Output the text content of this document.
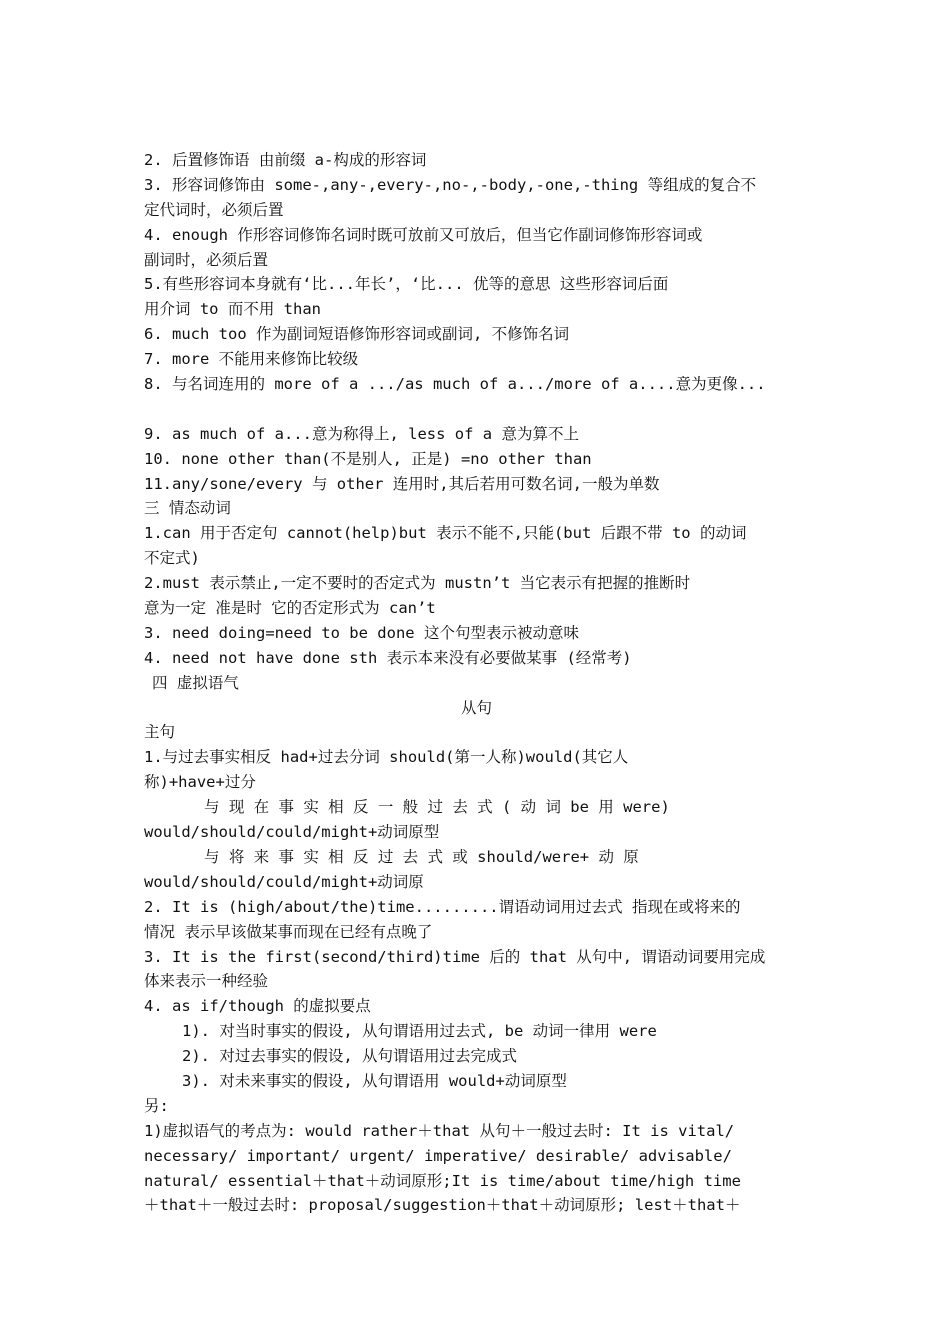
2. 后置修饰语 由前缀 a-构成的形容词
3. 形容词修饰由 some-,any-,every-,no-,-body,-one,-thing 等组成的复合不
定代词时，必须后置
4. enough 作形容词修饰名词时既可放前又可放后，但当它作副词修饰形容词或
副词时，必须后置
5.有些形容词本身就有‘比...年长’，‘比... 优等的意思 这些形容词后面
用介词 to 而不用 than
6. much too 作为副词短语修饰形容词或副词, 不修饰名词
7. more 不能用来修饰比较级
8. 与名词连用的 more of a .../as much of a.../more of a....意为更像...
9. as much of a...意为称得上, less of a 意为算不上
10. none other than(不是别人, 正是) =no other than
11.any/sone/every 与 other 连用时,其后若用可数名词,一般为单数
三 情态动词
1.can 用于否定句 cannot(help)but 表示不能不,只能(but 后跟不带 to 的动词
不定式)
2.must 表示禁止,一定不要时的否定式为 mustn’t 当它表示有把握的推断时
意为一定 准是时 它的否定形式为 can’t
3. need doing=need to be done 这个句型表示被动意味
4. need not have done sth 表示本来没有必要做某事 (经常考)
四 虚拟语气
从句
主句
1.与过去事实相反 had+过去分词 should(第一人称)would(其它人
称)+have+过分
与 现 在 事 实 相 反 一 般 过 去 式 ( 动 词 be 用 were)
would/should/could/might+动词原型
与 将 来 事 实 相 反 过 去 式 或 should/were+ 动 原
would/should/could/might+动词原
2. It is (high/about/the)time.........谓语动词用过去式 指现在或将来的
情况 表示早该做某事而现在已经有点晚了
3. It is the first(second/third)time 后的 that 从句中, 谓语动词要用完成
体来表示一种经验
4. as if/though 的虚拟要点
1). 对当时事实的假设, 从句谓语用过去式, be 动词一律用 were
2). 对过去事实的假设, 从句谓语用过去完成式
3). 对未来事实的假设, 从句谓语用 would+动词原型
另:
1)虚拟语气的考点为: would rather＋that 从句＋一般过去时: It is vital/
necessary/ important/ urgent/ imperative/ desirable/ advisable/
natural/ essential＋that＋动词原形;It is time/about time/high time
＋that＋一般过去时: proposal/suggestion＋that＋动词原形; lest＋that＋
